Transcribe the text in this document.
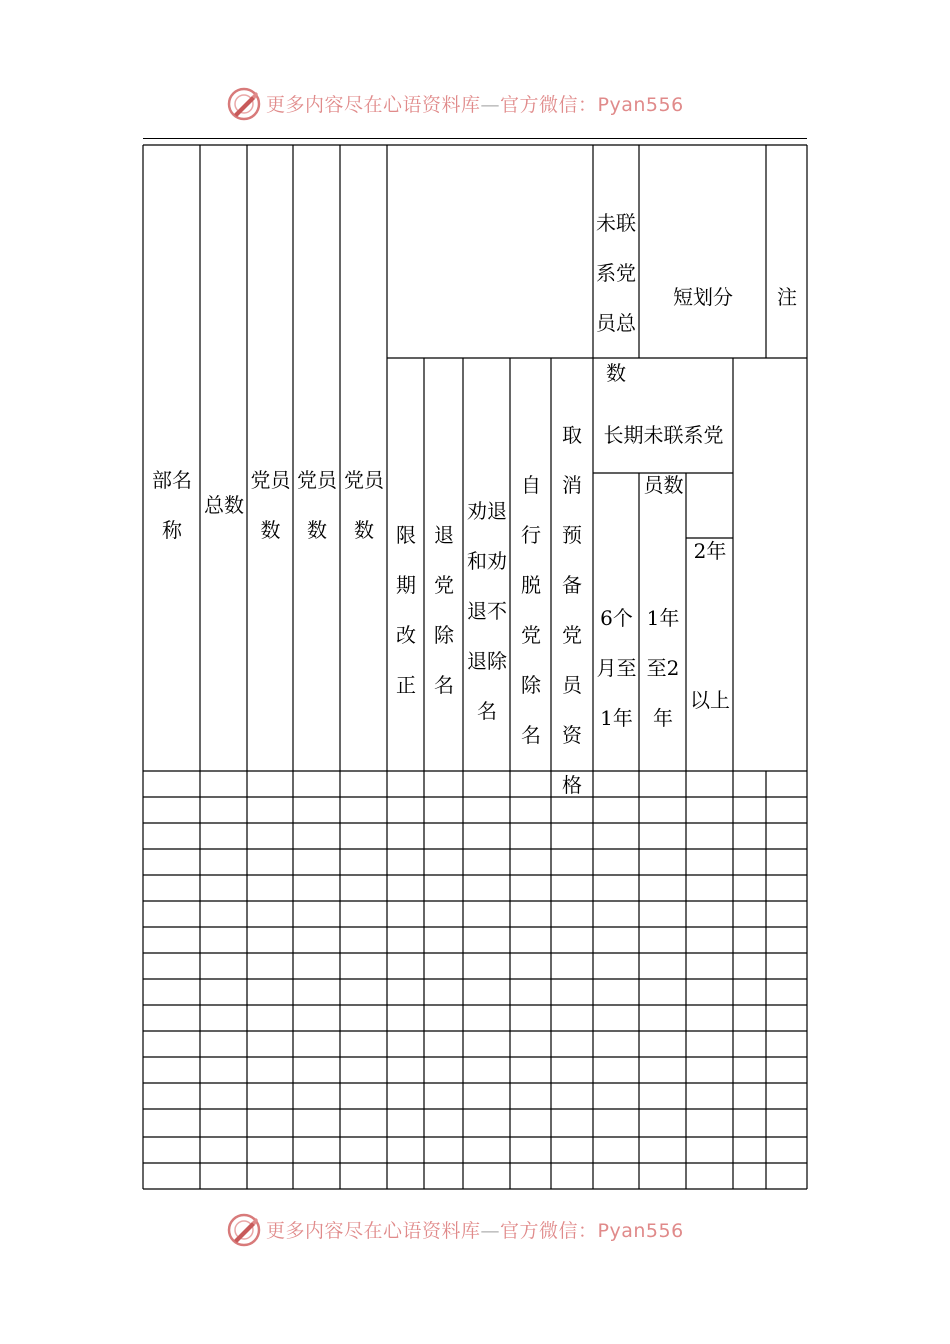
更多内容尽在心语资料库—官方微信：Pyan556

部名称

总数

党员数

党员数

党员数

未联系党员总数

短划分	注

限期改正

退党除名

劝退和劝退不退除名

自行脱党除名

取消预备党员资格

长期未联系党员数

6个月至1年

1年至2年

2年

以上

更多内容尽在心语资料库—官方微信：Pyan556
